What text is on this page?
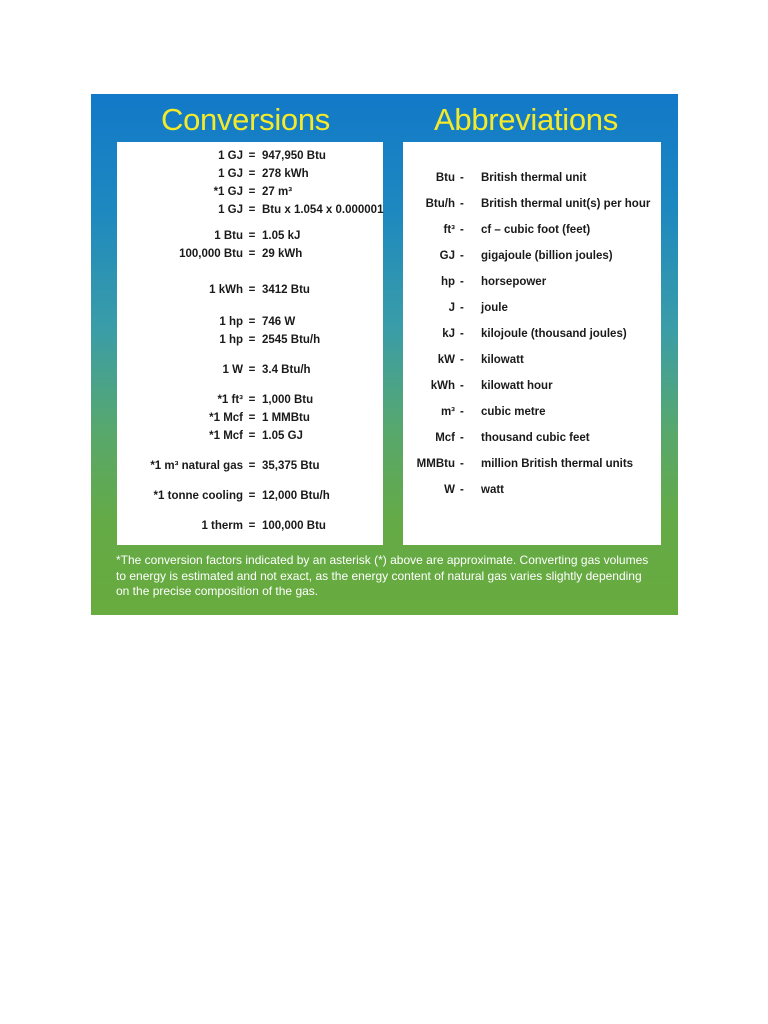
Conversions	Abbreviations
1 GJ = 947,950 Btu
1 GJ = 278 kWh
*1 GJ = 27 m³
1 GJ = Btu x 1.054 x 0.000001
1 Btu = 1.05 kJ
100,000 Btu = 29 kWh
1 kWh = 3412 Btu
1 hp = 746 W
1 hp = 2545 Btu/h
1 W = 3.4 Btu/h
*1 ft³ = 1,000 Btu
*1 Mcf = 1 MMBtu
*1 Mcf = 1.05 GJ
*1 m³ natural gas = 35,375 Btu
*1 tonne cooling = 12,000 Btu/h
1 therm = 100,000 Btu
Btu - British thermal unit
Btu/h - British thermal unit(s) per hour
ft³ - cf – cubic foot (feet)
GJ - gigajoule (billion joules)
hp - horsepower
J - joule
kJ - kilojoule (thousand joules)
kW - kilowatt
kWh - kilowatt hour
m³ - cubic metre
Mcf - thousand cubic feet
MMBtu - million British thermal units
W - watt

*The conversion factors indicated by an asterisk (*) above are approximate. Converting gas volumes to energy is estimated and not exact, as the energy content of natural gas varies slightly depending on the precise composition of the gas.
